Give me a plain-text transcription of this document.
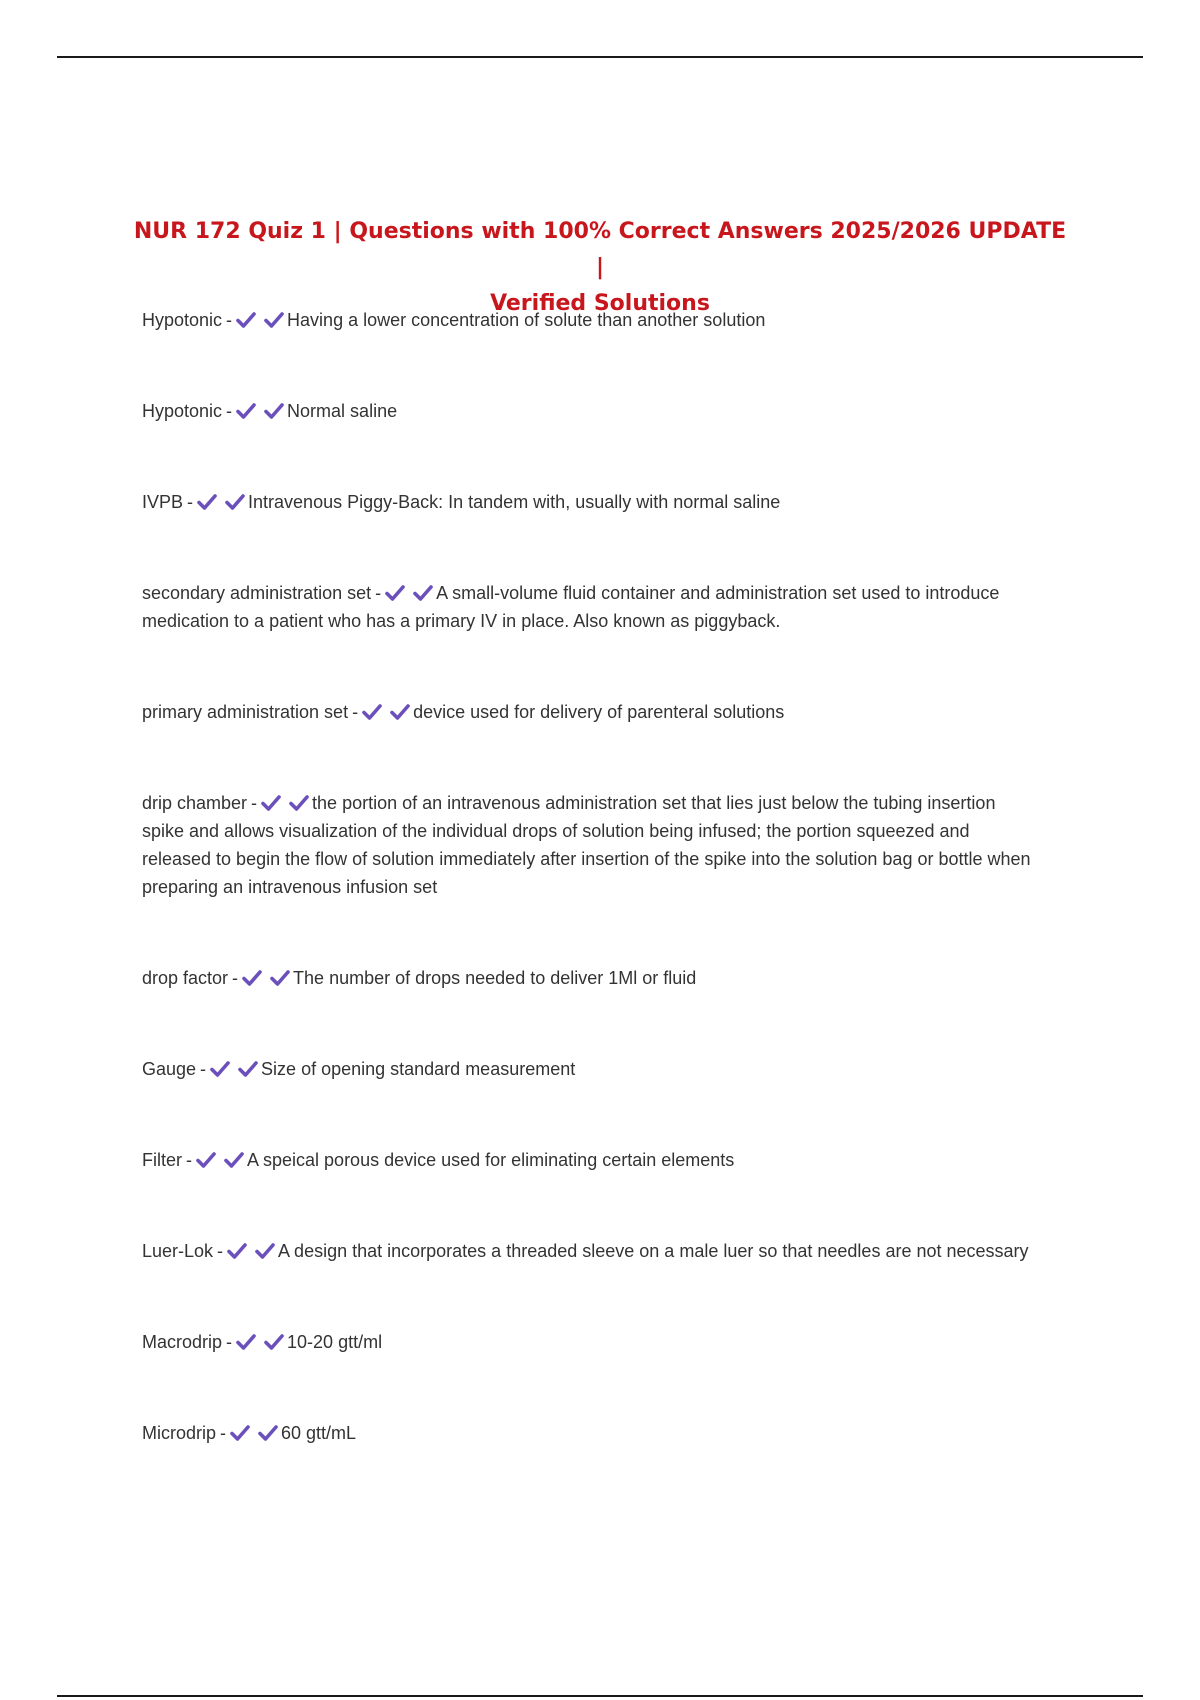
NUR 172 Quiz 1 | Questions with 100% Correct Answers 2025/2026 UPDATE |
Verified Solutions
Hypotonic -	Having a lower concentration of solute than another solution
Hypotonic -	Normal saline
IVPB -	Intravenous Piggy-Back: In tandem with, usually with normal saline
secondary administration set -	A small-volume fluid container and administration set used to introduce medication to a patient who has a primary IV in place. Also known as piggyback.
primary administration set -	device used for delivery of parenteral solutions
drip chamber -	the portion of an intravenous administration set that lies just below the tubing insertion spike and allows visualization of the individual drops of solution being infused; the portion squeezed and released to begin the flow of solution immediately after insertion of the spike into the solution bag or bottle when preparing an intravenous infusion set
drop factor -	The number of drops needed to deliver 1Ml or fluid
Gauge -	Size of opening standard measurement
Filter -	A speical porous device used for eliminating certain elements
Luer-Lok -	A design that incorporates a threaded sleeve on a male luer so that needles are not necessary
Macrodrip -	10-20 gtt/ml
Microdrip -	60 gtt/mL
